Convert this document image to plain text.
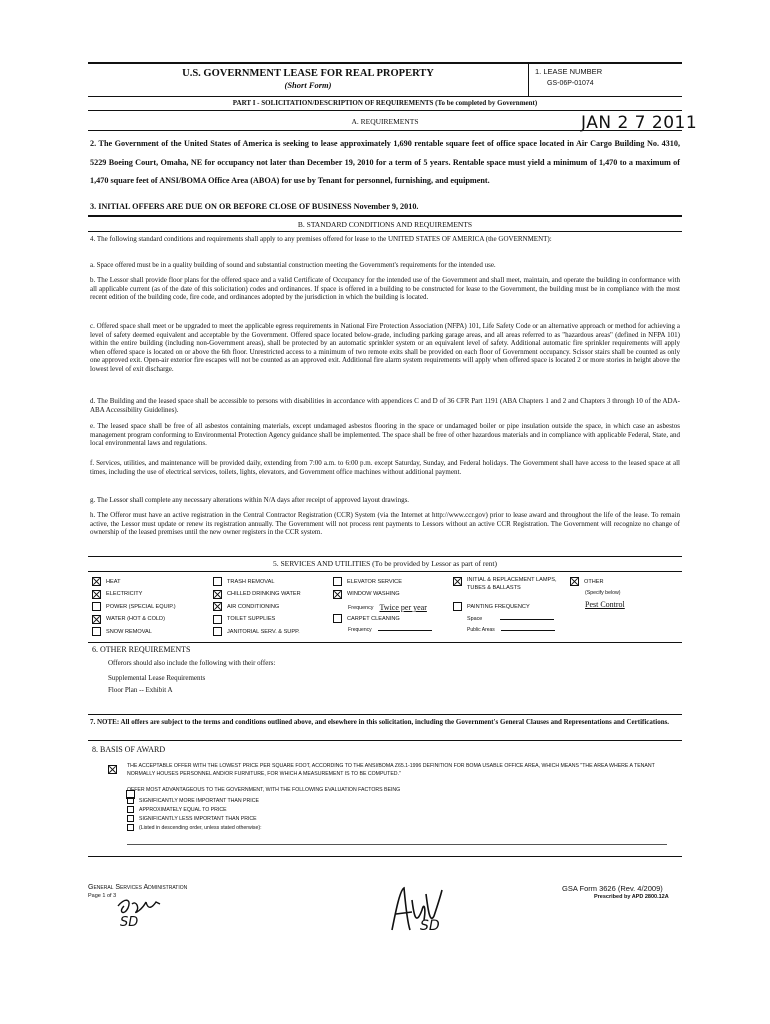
U.S. GOVERNMENT LEASE FOR REAL PROPERTY
(Short Form)
1. LEASE NUMBER
GS-06P-01074
PART I - SOLICITATION/DESCRIPTION OF REQUIREMENTS (To be completed by Government)
A. REQUIREMENTS	JAN 2 7 2011

2. The Government of the United States of America is seeking to lease approximately 1,690 rentable square feet of office space located in Air Cargo Building No. 4310, 5229 Boeing Court, Omaha, NE for occupancy not later than December 19, 2010 for a term of 5 years. Rentable space must yield a minimum of 1,470 to a maximum of 1,470 square feet of ANSI/BOMA Office Area (ABOA) for use by Tenant for personnel, furnishing, and equipment.

3. INITIAL OFFERS ARE DUE ON OR BEFORE CLOSE OF BUSINESS November 9, 2010.

B. STANDARD CONDITIONS AND REQUIREMENTS

4. The following standard conditions and requirements shall apply to any premises offered for lease to the UNITED STATES OF AMERICA (the GOVERNMENT):

a. Space offered must be in a quality building of sound and substantial construction meeting the Government's requirements for the intended use.

b. The Lessor shall provide floor plans for the offered space and a valid Certificate of Occupancy for the intended use of the Government and shall meet, maintain, and operate the building in conformance with all applicable current (as of the date of this solicitation) codes and ordinances. If space is offered in a building to be constructed for lease to the Government, the building must be in compliance with the most recent edition of the building code, fire code, and ordinances adopted by the jurisdiction in which the building is located.

c. Offered space shall meet or be upgraded to meet the applicable egress requirements in National Fire Protection Association (NFPA) 101, Life Safety Code or an alternative approach or method for achieving a level of safety deemed equivalent and acceptable by the Government. Offered space located below-grade, including parking garage areas, and all areas referred to as "hazardous areas" (defined in NFPA 101) within the entire building (including non-Government areas), shall be protected by an automatic sprinkler system or an equivalent level of safety. Additional automatic fire sprinkler requirements will apply when offered space is located on or above the 6th floor. Unrestricted access to a minimum of two remote exits shall be provided on each floor of Government occupancy. Scissor stairs shall be counted as only one approved exit. Open-air exterior fire escapes will not be counted as an approved exit. Additional fire alarm system requirements will apply when offered space is located 2 or more stories in height above the lowest level of exit discharge.

d. The Building and the leased space shall be accessible to persons with disabilities in accordance with appendices C and D of 36 CFR Part 1191 (ABA Chapters 1 and 2 and Chapters 3 through 10 of the ADA-ABA Accessibility Guidelines).

e. The leased space shall be free of all asbestos containing materials, except undamaged asbestos flooring in the space or undamaged boiler or pipe insulation outside the space, in which case an asbestos management program conforming to Environmental Protection Agency guidance shall be implemented. The space shall be free of other hazardous materials and in compliance with applicable Federal, State, and local environmental laws and regulations.

f. Services, utilities, and maintenance will be provided daily, extending from 7:00 a.m. to 6:00 p.m. except Saturday, Sunday, and Federal holidays. The Government shall have access to the leased space at all times, including the use of electrical services, toilets, lights, elevators, and Government office machines without additional payment.

g. The Lessor shall complete any necessary alterations within N/A days after receipt of approved layout drawings.

h. The Offeror must have an active registration in the Central Contractor Registration (CCR) System (via the Internet at http://www.ccr.gov) prior to lease award and throughout the life of the lease. To remain active, the Lessor must update or renew its registration annually. The Government will not process rent payments to Lessors without an active CCR Registration. The Government will recognize no change of ownership of the leased premises until the new owner registers in the CCR system.

5. SERVICES AND UTILITIES (To be provided by Lessor as part of rent)
HEAT
ELECTRICITY
POWER (SPECIAL EQUIP.)
WATER (HOT & COLD)
SNOW REMOVAL
TRASH REMOVAL
CHILLED DRINKING WATER
AIR CONDITIONING
TOILET SUPPLIES
JANITORIAL SERV. & SUPP.
ELEVATOR SERVICE
WINDOW WASHING
CARPET CLEANING
INITIAL & REPLACEMENT LAMPS, TUBES & BALLASTS
PAINTING FREQUENCY
Frequency Twice per year
Frequency
Space
Public Areas
OTHER
(Specify below)
Pest Control
6. OTHER REQUIREMENTS
Offerors should also include the following with their offers:
Supplemental Lease Requirements
Floor Plan -- Exhibit A

7. NOTE: All offers are subject to the terms and conditions outlined above, and elsewhere in this solicitation, including the Government's General Clauses and Representations and Certifications.

8. BASIS OF AWARD

THE ACCEPTABLE OFFER WITH THE LOWEST PRICE PER SQUARE FOOT, ACCORDING TO THE ANSI/BOMA Z65.1-1996 DEFINITION FOR BOMA USABLE OFFICE AREA, WHICH MEANS "THE AREA WHERE A TENANT NORMALLY HOUSES PERSONNEL AND/OR FURNITURE, FOR WHICH A MEASUREMENT IS TO BE COMPUTED."

OFFER MOST ADVANTAGEOUS TO THE GOVERNMENT, WITH THE FOLLOWING EVALUATION FACTORS BEING

SIGNIFICANTLY MORE IMPORTANT THAN PRICE
APPROXIMATELY EQUAL TO PRICE
SIGNIFICANTLY LESS IMPORTANT THAN PRICE
(Listed in descending order, unless stated otherwise):
General Services Administration
Page 1 of 3
GSA Form 3626 (Rev. 4/2009)
Prescribed by APD 2800.12A
SD	SD
